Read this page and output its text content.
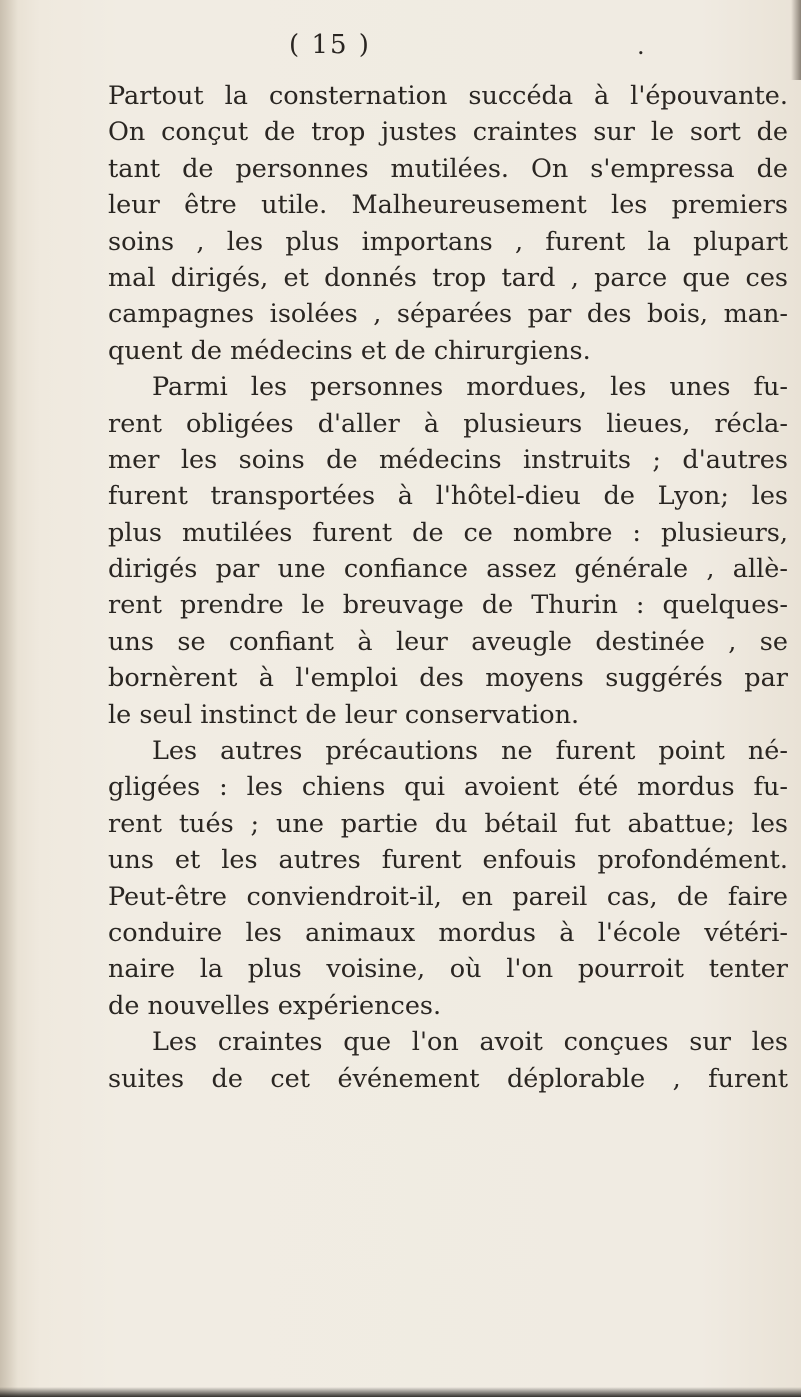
( 15 )	.
Partout la consternation succéda à l'épouvante.
On conçut de trop justes craintes sur le sort de
tant de personnes mutilées. On s'empressa de
leur être utile. Malheureusement les premiers
soins , les plus importans , furent la plupart
mal dirigés, et donnés trop tard , parce que ces
campagnes isolées , séparées par des bois, man-
quent de médecins et de chirurgiens.
Parmi les personnes mordues, les unes fu-
rent obligées d'aller à plusieurs lieues, récla-
mer les soins de médecins instruits ; d'autres
furent transportées à l'hôtel-dieu de Lyon; les
plus mutilées furent de ce nombre : plusieurs,
dirigés par une confiance assez générale , allè-
rent prendre le breuvage de Thurin : quelques-
uns se confiant à leur aveugle destinée , se
bornèrent à l'emploi des moyens suggérés par
le seul instinct de leur conservation.
Les autres précautions ne furent point né-
gligées : les chiens qui avoient été mordus fu-
rent tués ; une partie du bétail fut abattue; les
uns et les autres furent enfouis profondément.
Peut-être conviendroit-il, en pareil cas, de faire
conduire les animaux mordus à l'école vétéri-
naire la plus voisine, où l'on pourroit tenter
de nouvelles expériences.
Les craintes que l'on avoit conçues sur les
suites de cet événement déplorable , furent
